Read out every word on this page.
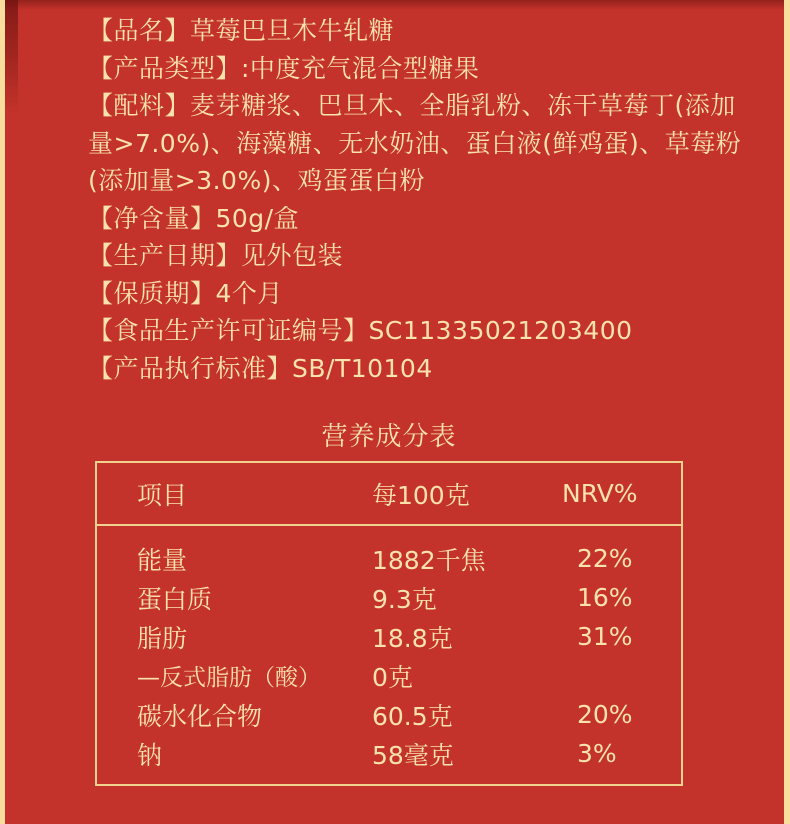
【品名】草莓巴旦木牛轧糖
【产品类型】:中度充气混合型糖果
【配料】麦芽糖浆、巴旦木、全脂乳粉、冻干草莓丁(添加
量>7.0%)、海藻糖、无水奶油、蛋白液(鲜鸡蛋)、草莓粉
(添加量>3.0%)、鸡蛋蛋白粉
【净含量】50g/盒
【生产日期】见外包装
【保质期】4个月
【食品生产许可证编号】SC11335021203400
【产品执行标准】SB/T10104
营养成分表
项目	每100克	NRV%
能量	1882千焦	22%
蛋白质	9.3克	16%
脂肪	18.8克	31%
—反式脂肪（酸）	0克
碳水化合物	60.5克	20%
钠	58毫克	3%
